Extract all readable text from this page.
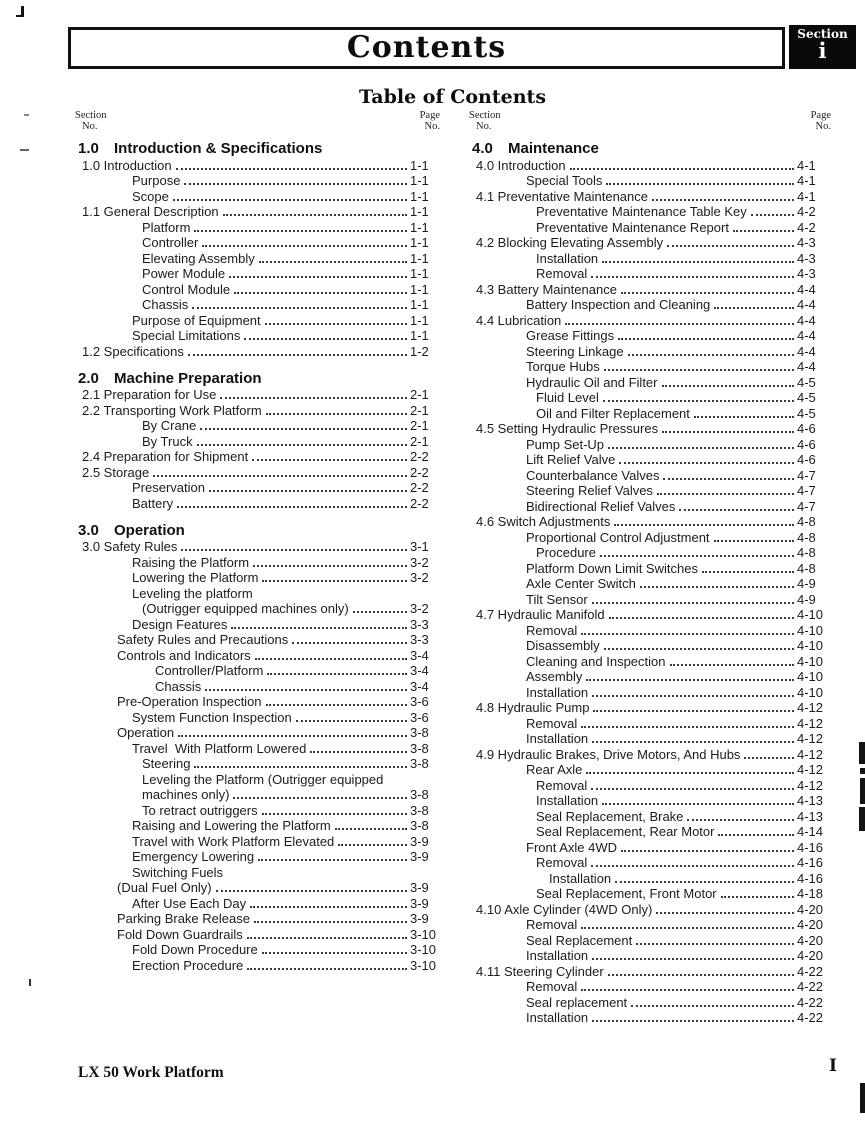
Contents	Section
i
Table of Contents
Section
No.
Page
No.
1.0 Introduction & Specifications
1.0 Introduction	1-1
Purpose	1-1
Scope	1-1
1.1 General Description	1-1
Platform	1-1
Controller	1-1
Elevating Assembly	1-1
Power Module	1-1
Control Module	1-1
Chassis	1-1
Purpose of Equipment	1-1
Special Limitations	1-1
1.2 Specifications	1-2
2.0 Machine Preparation
2.1 Preparation for Use	2-1
2.2 Transporting Work Platform	2-1
By Crane	2-1
By Truck	2-1
2.4 Preparation for Shipment	2-2
2.5 Storage	2-2
Preservation	2-2
Battery	2-2
3.0 Operation
3.0 Safety Rules	3-1
Raising the Platform	3-2
Lowering the Platform	3-2
Leveling the platform
(Outrigger equipped machines only)	3-2
Design Features	3-3
Safety Rules and Precautions	3-3
Controls and Indicators	3-4
Controller/Platform	3-4
Chassis	3-4
Pre-Operation Inspection	3-6
System Function Inspection	3-6
Operation	3-8
Travel  With Platform Lowered	3-8
Steering	3-8
Leveling the Platform (Outrigger equipped
machines only)	3-8
To retract outriggers	3-8
Raising and Lowering the Platform	3-8
Travel with Work Platform Elevated	3-9
Emergency Lowering	3-9
Switching Fuels
(Dual Fuel Only)	3-9
After Use Each Day	3-9
Parking Brake Release	3-9
Fold Down Guardrails	3-10
Fold Down Procedure	3-10
Erection Procedure	3-10
Section
No.
Page
No.
4.0 Maintenance
4.0 Introduction	4-1
Special Tools	4-1
4.1 Preventative Maintenance	4-1
Preventative Maintenance Table Key	4-2
Preventative Maintenance Report	4-2
4.2 Blocking Elevating Assembly	4-3
Installation	4-3
Removal	4-3
4.3 Battery Maintenance	4-4
Battery Inspection and Cleaning	4-4
4.4 Lubrication	4-4
Grease Fittings	4-4
Steering Linkage	4-4
Torque Hubs	4-4
Hydraulic Oil and Filter	4-5
Fluid Level	4-5
Oil and Filter Replacement	4-5
4.5 Setting Hydraulic Pressures	4-6
Pump Set-Up	4-6
Lift Relief Valve	4-6
Counterbalance Valves	4-7
Steering Relief Valves	4-7
Bidirectional Relief Valves	4-7
4.6 Switch Adjustments	4-8
Proportional Control Adjustment	4-8
Procedure	4-8
Platform Down Limit Switches	4-8
Axle Center Switch	4-9
Tilt Sensor	4-9
4.7 Hydraulic Manifold	4-10
Removal	4-10
Disassembly	4-10
Cleaning and Inspection	4-10
Assembly	4-10
Installation	4-10
4.8 Hydraulic Pump	4-12
Removal	4-12
Installation	4-12
4.9 Hydraulic Brakes, Drive Motors, And Hubs	4-12
Rear Axle	4-12
Removal	4-12
Installation	4-13
Seal Replacement, Brake	4-13
Seal Replacement, Rear Motor	4-14
Front Axle 4WD	4-16
Removal	4-16
Installation	4-16
Seal Replacement, Front Motor	4-18
4.10 Axle Cylinder (4WD Only)	4-20
Removal	4-20
Seal Replacement	4-20
Installation	4-20
4.11 Steering Cylinder	4-22
Removal	4-22
Seal replacement	4-22
Installation	4-22
LX 50 Work Platform	I
